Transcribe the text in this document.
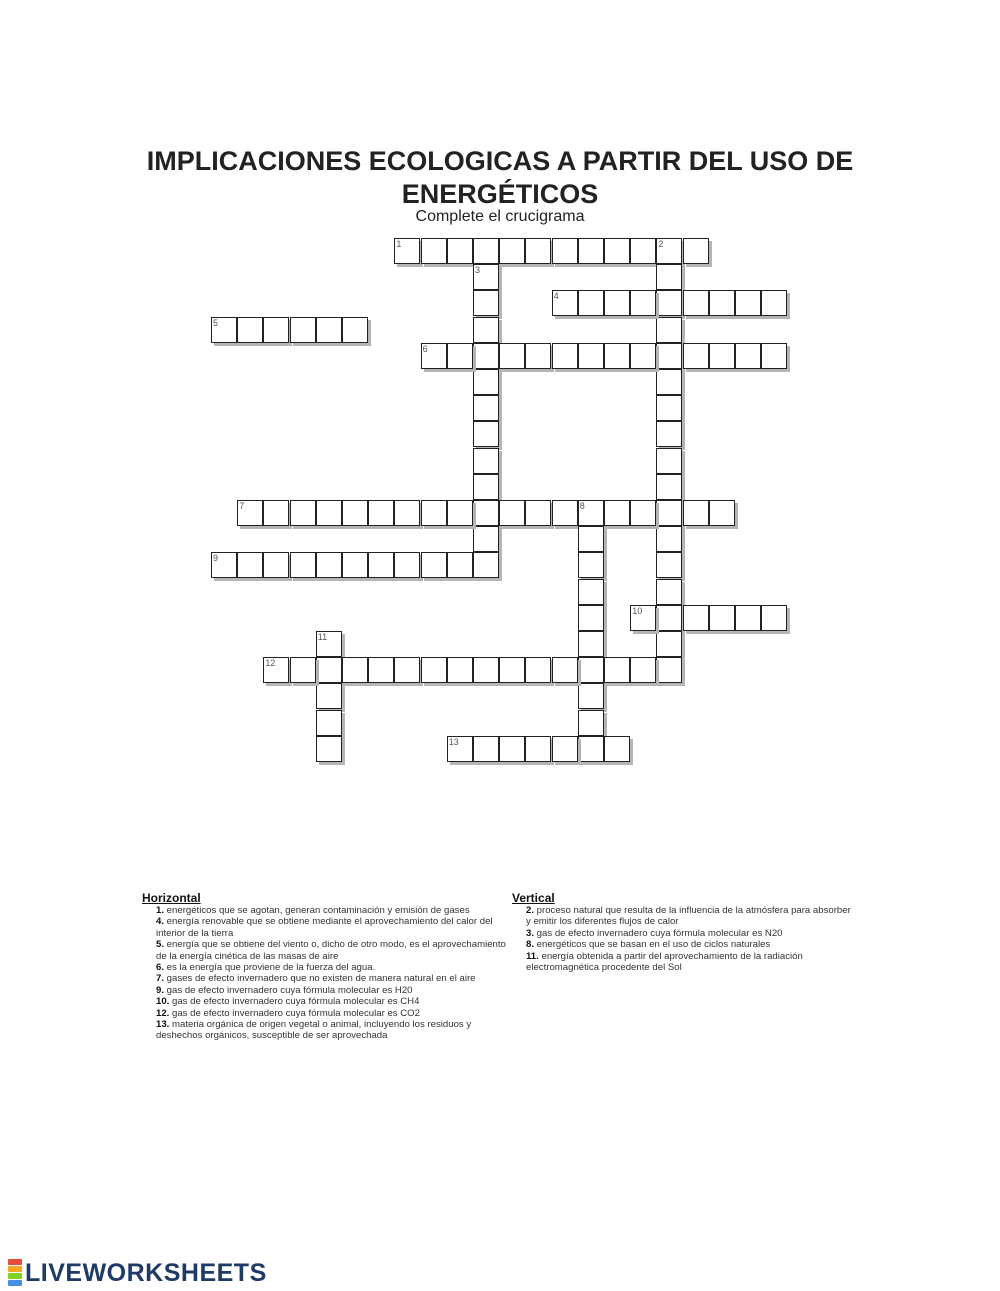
IMPLICACIONES ECOLOGICAS A PARTIR DEL USO DE
ENERGÉTICOS
Complete el crucigrama
1	2
3
4
5
6
7	8
9
10
11
12
13
Horizontal
1. energéticos que se agotan, generan contaminación y emisión de gases
4. energía renovable que se obtiene mediante el aprovechamiento del calor del interior de la tierra
5. energía que se obtiene del viento o, dicho de otro modo, es el aprovechamiento de la energía cinética de las masas de aire
6. es la energía que proviene de la fuerza del agua.
7. gases de efecto invernadero que no existen de manera natural en el aire
9. gas de efecto invernadero cuya fórmula molecular es H20
10. gas de efecto invernadero cuya fórmula molecular es CH4
12. gas de efecto invernadero cuya fórmula molecular es CO2
13. materia orgánica de origen vegetal o animal, incluyendo los residuos y deshechos orgánicos, susceptible de ser aprovechada
Vertical
2. proceso natural que resulta de la influencia de la atmósfera para absorber y emitir los diferentes flujos de calor
3. gas de efecto invernadero cuya fórmula molecular es N20
8. energéticos que se basan en el uso de ciclos naturales
11. energía obtenida a partir del aprovechamiento de la radiación electromagnética procedente del Sol
LIVEWORKSHEETS
